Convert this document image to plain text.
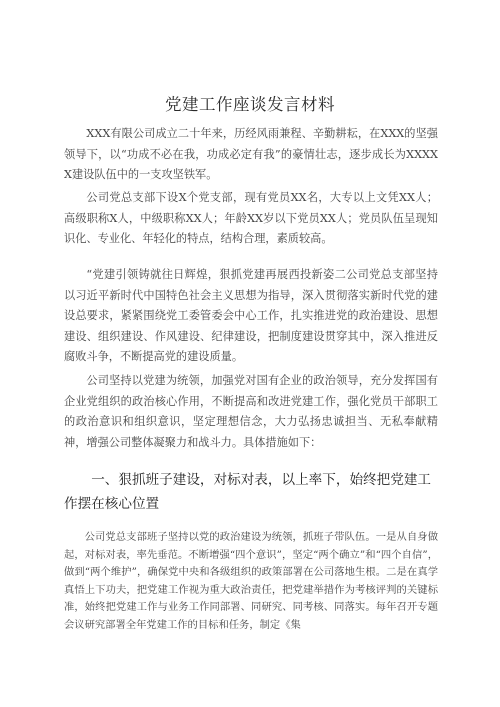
党建工作座谈发言材料

XXX有限公司成立二十年来，历经风雨兼程、辛勤耕耘，在XXX的坚强领导下，以“功成不必在我，功成必定有我”的豪情壮志，逐步成长为XXXXX建设队伍中的一支攻坚铁军。

公司党总支部下设X个党支部，现有党员XX名，大专以上文凭XX人；高级职称X人，中级职称XX人；年龄XX岁以下党员XX人；党员队伍呈现知识化、专业化、年轻化的特点，结构合理，素质较高。

“党建引领铸就往日辉煌，狠抓党建再展西投新姿二公司党总支部坚持以习近平新时代中国特色社会主义思想为指导，深入贯彻落实新时代党的建设总要求，紧紧围绕党工委管委会中心工作，扎实推进党的政治建设、思想建设、组织建设、作风建设、纪律建设，把制度建设贯穿其中，深入推进反腐败斗争，不断提高党的建设质量。

公司坚持以党建为统领，加强党对国有企业的政治领导，充分发挥国有企业党组织的政治核心作用，不断提高和改进党建工作，强化党员干部职工的政治意识和组织意识，坚定理想信念，大力弘扬忠诚担当、无私奉献精神，增强公司整体凝聚力和战斗力。具体措施如下：

一、狠抓班子建设，对标对表，以上率下，始终把党建工作摆在核心位置

公司党总支部班子坚持以党的政治建设为统领，抓班子带队伍。一是从自身做起，对标对表，率先垂范。不断增强“四个意识”，坚定“两个确立”和“四个自信”，做到“两个维护”，确保党中央和各级组织的政策部署在公司落地生根。二是在真学真悟上下功夫，把党建工作视为重大政治责任，把党建举措作为考核评判的关键标准，始终把党建工作与业务工作同部署、同研究、同考核、同落实。每年召开专题会议研究部署全年党建工作的目标和任务，制定《集
